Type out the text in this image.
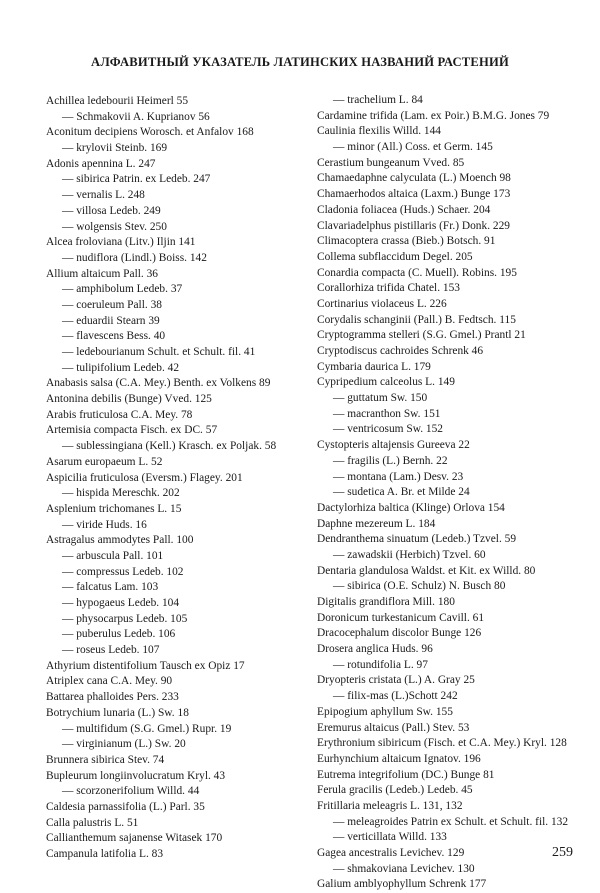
АЛФАВИТНЫЙ УКАЗАТЕЛЬ ЛАТИНСКИХ НАЗВАНИЙ РАСТЕНИЙ
Achillea ledebourii Heimerl 55
— Schmakovii A. Kuprianov 56
Aconitum decipiens Worosch. et Anfalov 168
— krylovii Steinb. 169
Adonis apennina L. 247
— sibirica Patrin. ex Ledeb. 247
— vernalis L. 248
— villosa Ledeb. 249
— wolgensis Stev. 250
Alcea froloviana (Litv.) Iljin 141
— nudiflora (Lindl.) Boiss. 142
Allium altaicum Pall. 36
— amphibolum Ledeb. 37
— coeruleum Pall. 38
— eduardii Stearn 39
— flavescens Bess. 40
— ledebourianum Schult. et Schult. fil. 41
— tulipifolium Ledeb. 42
Anabasis salsa (C.A. Mey.) Benth. ex Volkens 89
Antonina debilis (Bunge) Vved. 125
Arabis fruticulosa C.A. Mey. 78
Artemisia compacta Fisch. ex DC. 57
— sublessingiana (Kell.) Krasch. ex Poljak. 58
Asarum europaeum L. 52
Aspicilia fruticulosa (Eversm.) Flagey. 201
— hispida Mereschk. 202
Asplenium trichomanes L. 15
— viride Huds. 16
Astragalus ammodytes Pall. 100
— arbuscula Pall. 101
— compressus Ledeb. 102
— falcatus Lam. 103
— hypogaeus Ledeb. 104
— physocarpus Ledeb. 105
— puberulus Ledeb. 106
— roseus Ledeb. 107
Athyrium distentifolium Tausch ex Opiz 17
Atriplex cana C.A. Mey. 90
Battarea phalloides Pers. 233
Botrychium lunaria (L.) Sw. 18
— multifidum (S.G. Gmel.) Rupr. 19
— virginianum (L.) Sw. 20
Brunnera sibirica Stev. 74
Bupleurum longiinvolucratum Kryl. 43
— scorzonerifolium Willd. 44
Caldesia parnassifolia (L.) Parl. 35
Calla palustris L. 51
Callianthemum sajanense Witasek 170
Campanula latifolia L. 83
— trachelium L. 84
Cardamine trifida (Lam. ex Poir.) B.M.G. Jones 79
Caulinia flexilis Willd. 144
— minor (All.) Coss. et Germ. 145
Cerastium bungeanum Vved. 85
Chamaedaphne calyculata (L.) Moench 98
Chamaerhodos altaica (Laxm.) Bunge 173
Cladonia foliacea (Huds.) Schaer. 204
Clavariadelphus pistillaris (Fr.) Donk. 229
Climacoptera crassa (Bieb.) Botsch. 91
Collema subflaccidum Degel. 205
Conardia compacta (C. Muell). Robins. 195
Corallorhiza trifida Chatel. 153
Cortinarius violaceus L. 226
Corydalis schanginii (Pall.) B. Fedtsch. 115
Cryptogramma stelleri (S.G. Gmel.) Prantl 21
Cryptodiscus cachroides Schrenk 46
Cymbaria daurica L. 179
Cypripedium calceolus L. 149
— guttatum Sw. 150
— macranthon Sw. 151
— ventricosum Sw. 152
Cystopteris altajensis Gureeva 22
— fragilis (L.) Bernh. 22
— montana (Lam.) Desv. 23
— sudetica A. Br. et Milde 24
Dactylorhiza baltica (Klinge) Orlova 154
Daphne mezereum L. 184
Dendranthema sinuatum (Ledeb.) Tzvel. 59
— zawadskii (Herbich) Tzvel. 60
Dentaria glandulosa Waldst. et Kit. ex Willd. 80
— sibirica (O.E. Schulz) N. Busch 80
Digitalis grandiflora Mill. 180
Doronicum turkestanicum Cavill. 61
Dracocephalum discolor Bunge 126
Drosera anglica Huds. 96
— rotundifolia L. 97
Dryopteris cristata (L.) A. Gray 25
— filix-mas (L.)Schott 242
Epipogium aphyllum Sw. 155
Eremurus altaicus (Pall.) Stev. 53
Erythronium sibiricum (Fisch. et C.A. Mey.) Kryl. 128
Eurhynchium altaicum Ignatov. 196
Eutrema integrifolium (DC.) Bunge 81
Ferula gracilis (Ledeb.) Ledeb. 45
Fritillaria meleagris L. 131, 132
— meleagroides Patrin ex Schult. et Schult. fil. 132
— verticillata Willd. 133
Gagea ancestralis Levichev. 129
— shmakoviana Levichev. 130
Galium amblyophyllum Schrenk 177
259
